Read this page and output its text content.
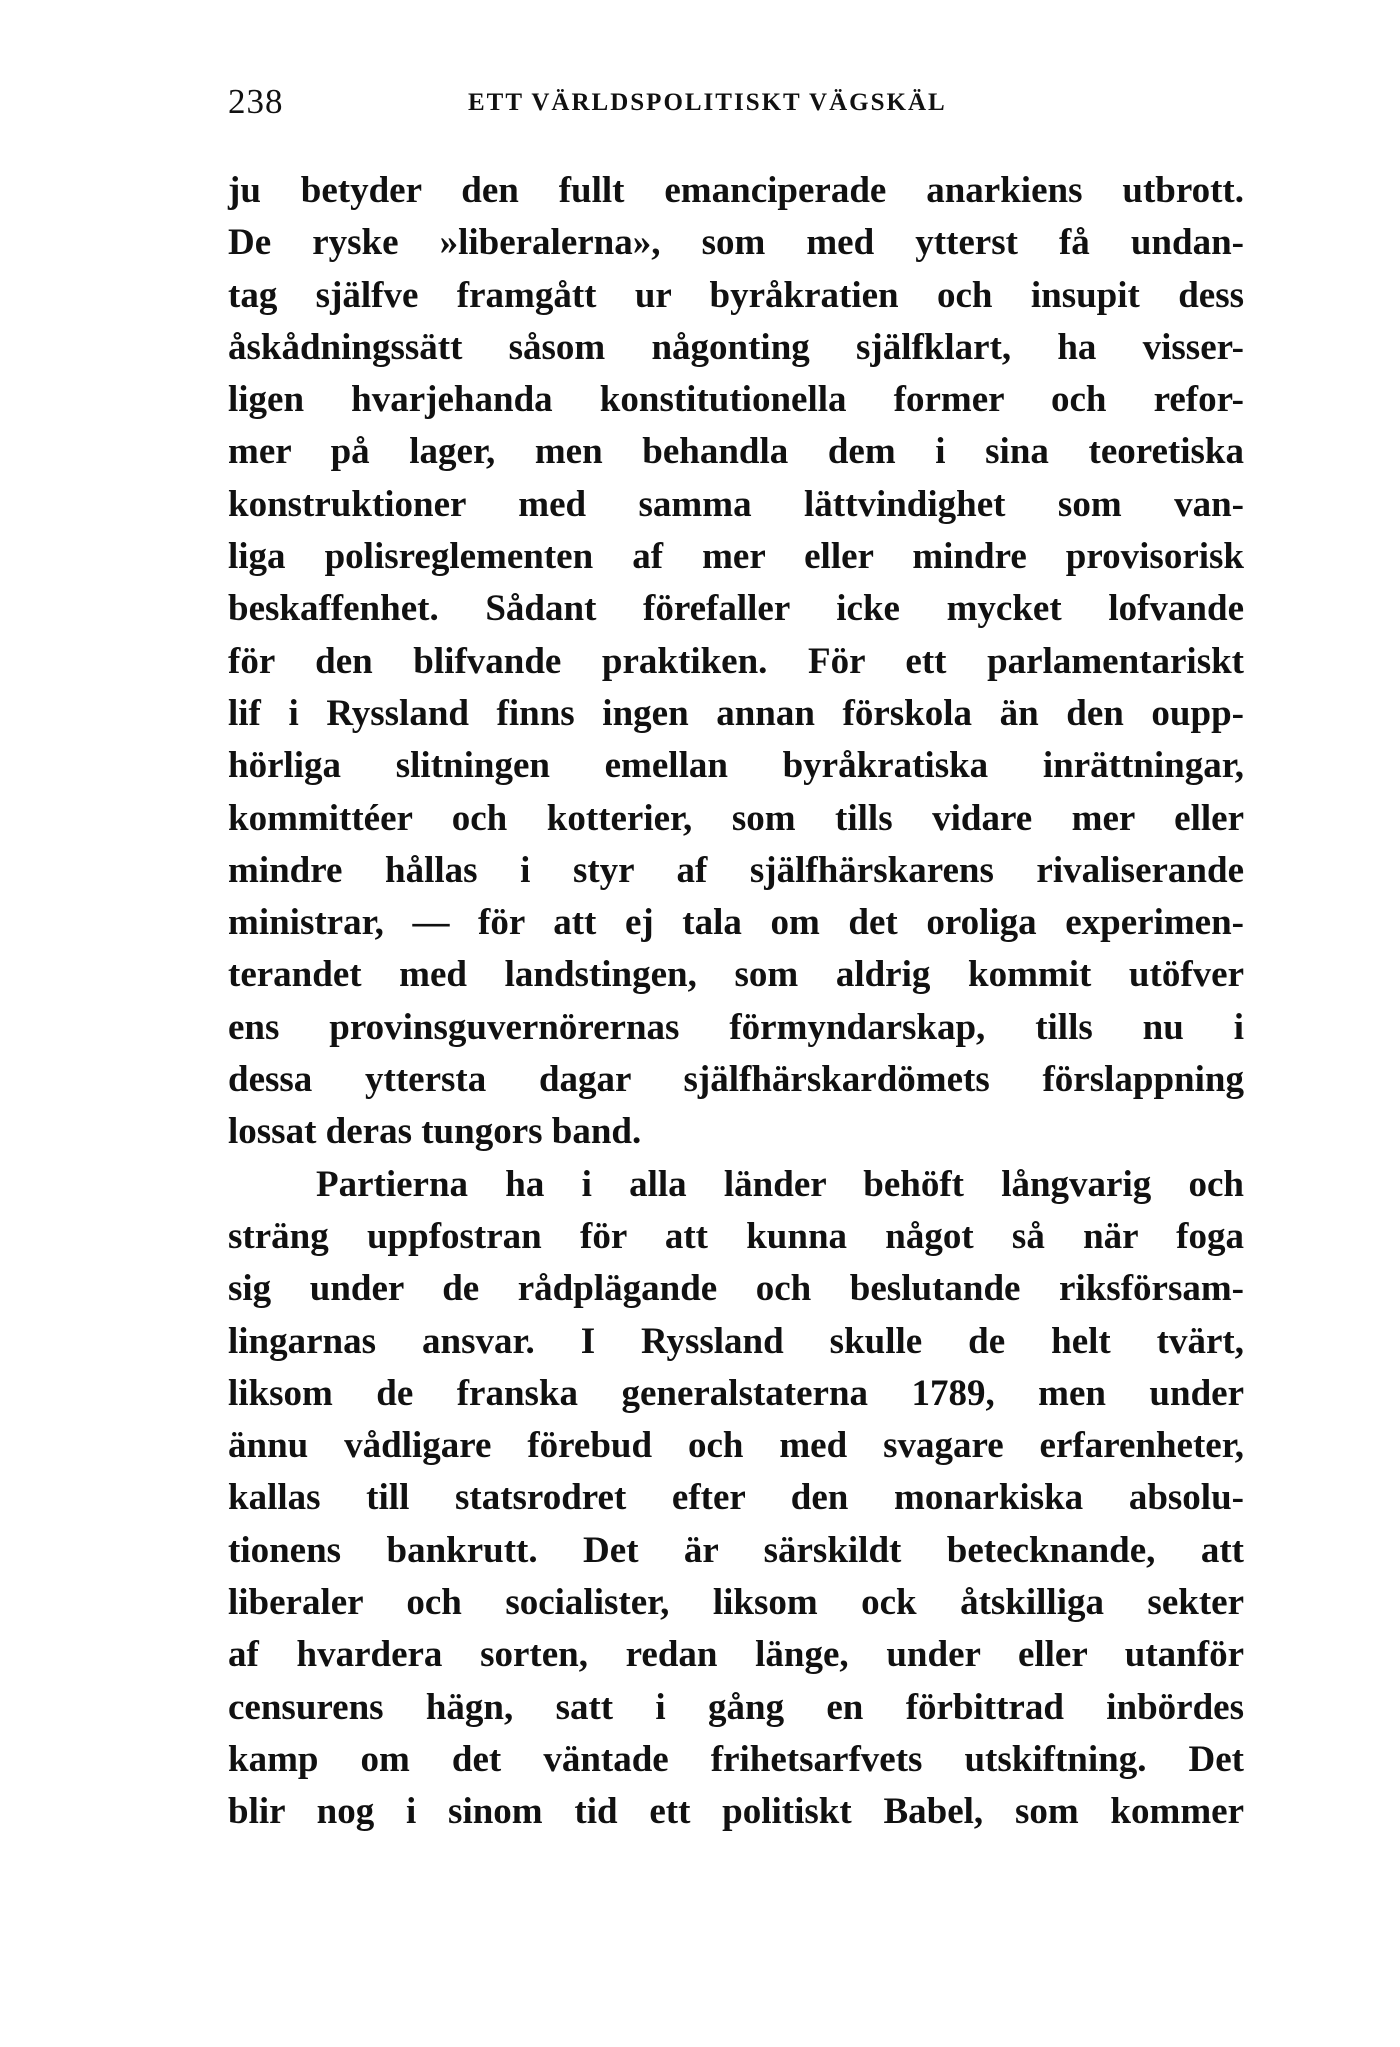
238	ETT VÄRLDSPOLITISKT VÄGSKÄL
ju betyder den fullt emanciperade anarkiens utbrott.
De ryske »liberalerna», som med ytterst få undan-
tag själfve framgått ur byråkratien och insupit dess
åskådningssätt såsom någonting själfklart, ha visser-
ligen hvarjehanda konstitutionella former och refor-
mer på lager, men behandla dem i sina teoretiska
konstruktioner med samma lättvindighet som van-
liga polisreglementen af mer eller mindre provisorisk
beskaffenhet. Sådant förefaller icke mycket lofvande
för den blifvande praktiken. För ett parlamentariskt
lif i Ryssland finns ingen annan förskola än den oupp-
hörliga slitningen emellan byråkratiska inrättningar,
kommittéer och kotterier, som tills vidare mer eller
mindre hållas i styr af själfhärskarens rivaliserande
ministrar, — för att ej tala om det oroliga experimen-
terandet med landstingen, som aldrig kommit utöfver
ens provinsguvernörernas förmyndarskap, tills nu i
dessa yttersta dagar själfhärskardömets förslappning
lossat deras tungors band.
Partierna ha i alla länder behöft långvarig och
sträng uppfostran för att kunna något så när foga
sig under de rådplägande och beslutande riksförsam-
lingarnas ansvar. I Ryssland skulle de helt tvärt,
liksom de franska generalstaterna 1789, men under
ännu vådligare förebud och med svagare erfarenheter,
kallas till statsrodret efter den monarkiska absolu-
tionens bankrutt. Det är särskildt betecknande, att
liberaler och socialister, liksom ock åtskilliga sekter
af hvardera sorten, redan länge, under eller utanför
censurens hägn, satt i gång en förbittrad inbördes
kamp om det väntade frihetsarfvets utskiftning. Det
blir nog i sinom tid ett politiskt Babel, som kommer
